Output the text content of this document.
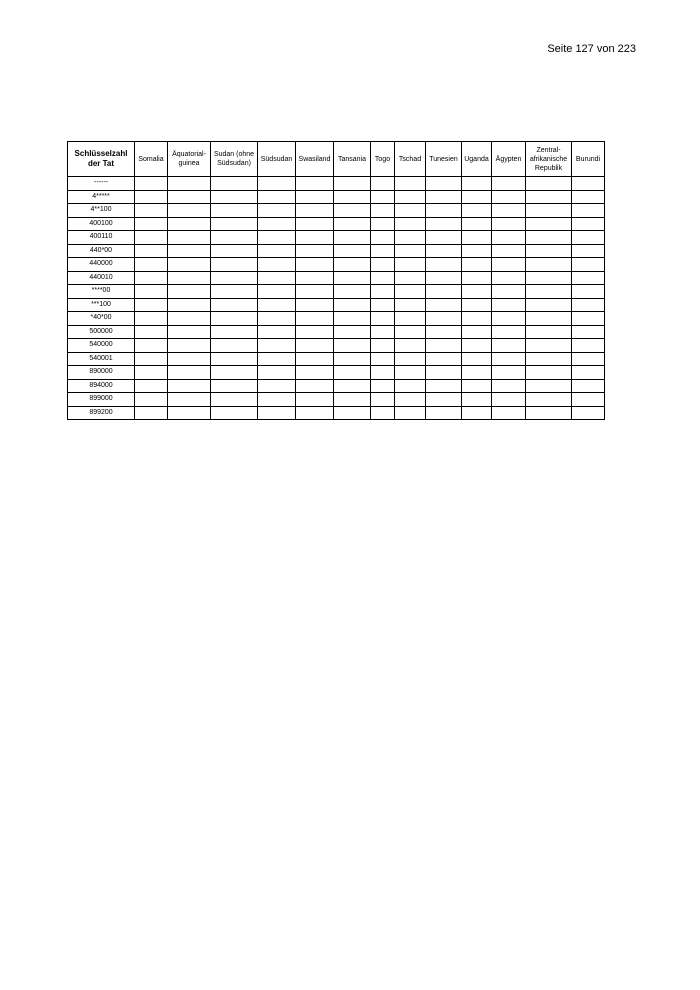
Seite 127 von 223
Schlüsselzahl der Tat	Somalia	Äquatorial-guinea	Sudan (ohne Südsudan)	Südsudan	Swasiland	Tansania	Togo	Tschad	Tunesien	Uganda	Ägypten	Zentral-afrikanische Republik	Burundi

------													
4*****													
4**100													
400100													
400110													
440*00													
440000													
440010													
****00													
***100													
*40*00													
500000													
540000													
540001													
890000													
894000													
899000													
899200													
